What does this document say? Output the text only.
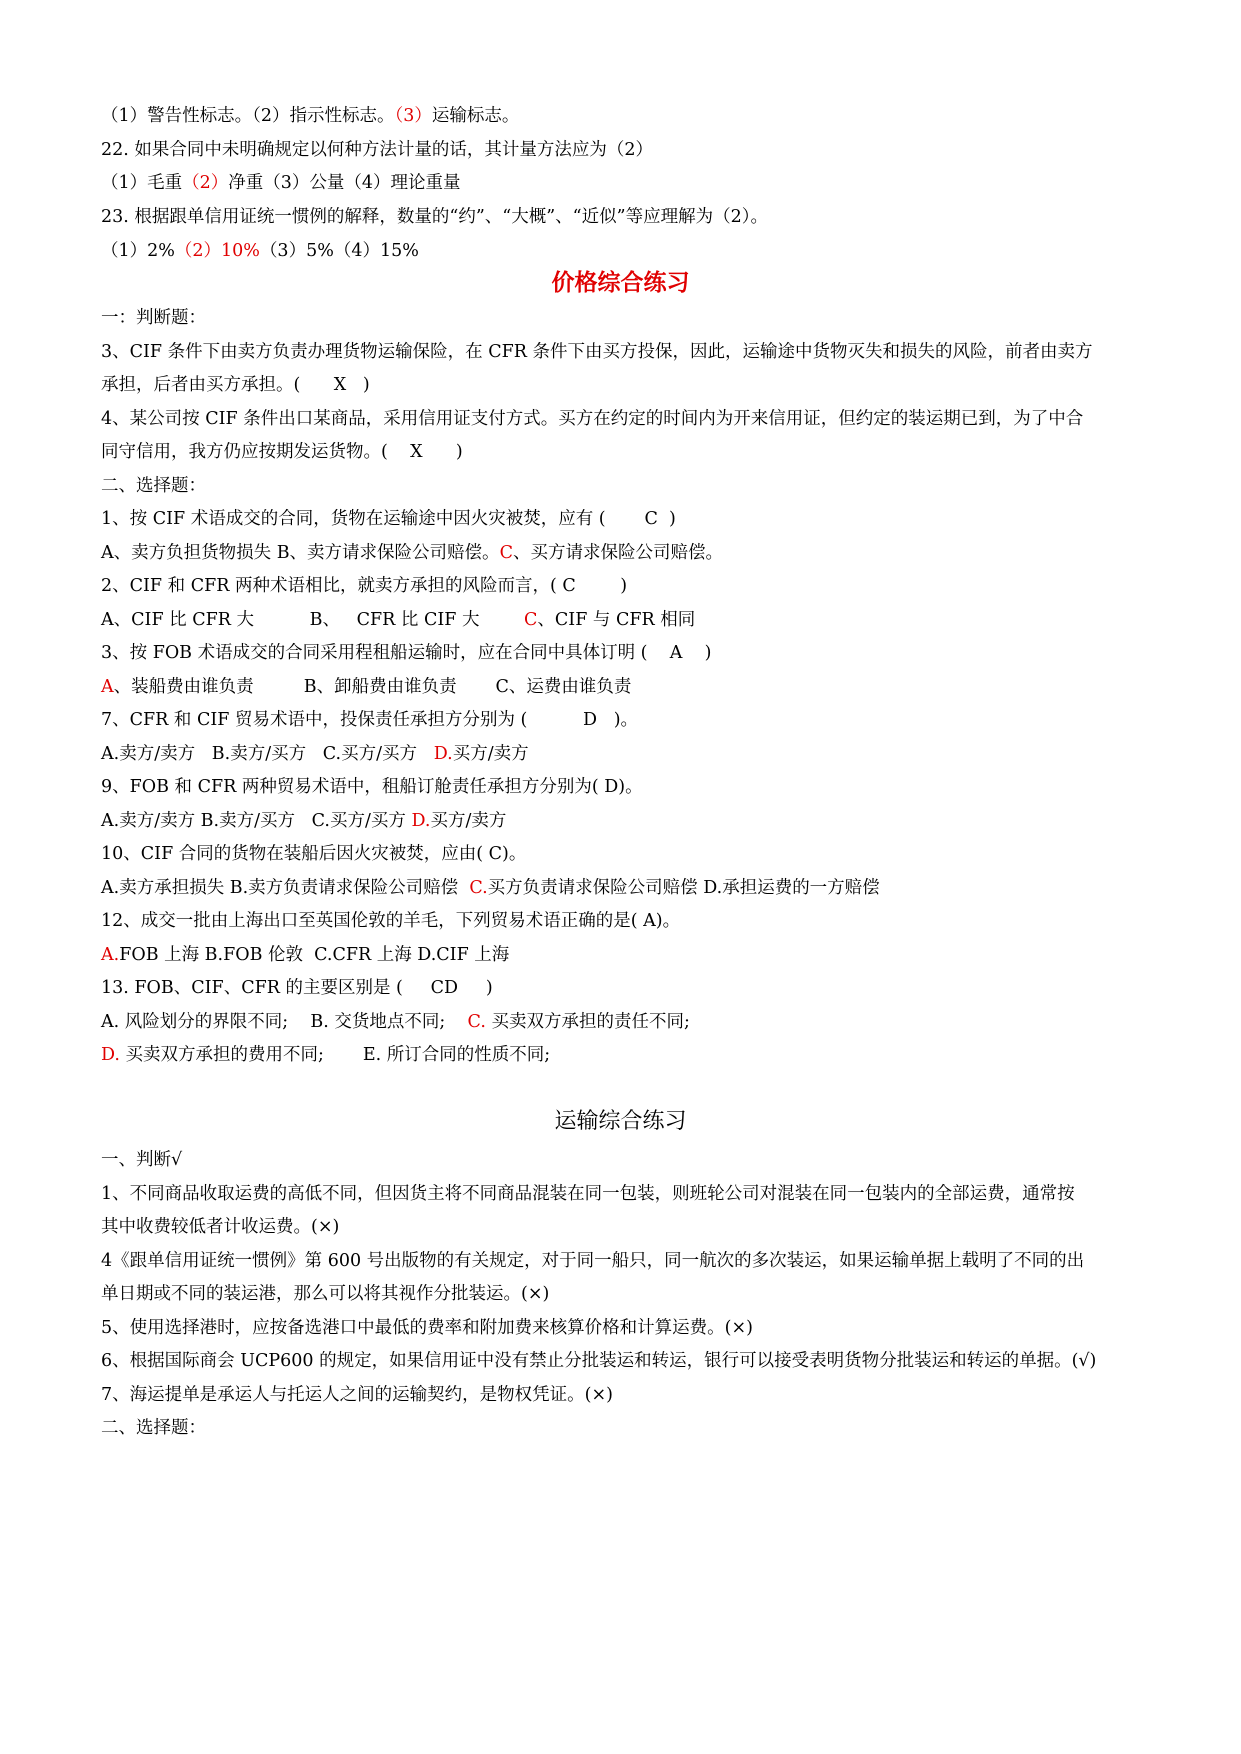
（1）警告性标志。（2）指示性标志。（3）运输标志。
22. 如果合同中未明确规定以何种方法计量的话，其计量方法应为（2）
（1）毛重（2）净重（3）公量（4）理论重量
23. 根据跟单信用证统一惯例的解释，数量的“约”、“大概”、“近似”等应理解为（2）。
（1）2%（2）10%（3）5%（4）15%
价格综合练习
一：判断题：
3、CIF 条件下由卖方负责办理货物运输保险，在 CFR 条件下由买方投保，因此，运输途中货物灭失和损失的风险，前者由卖方
承担，后者由买方承担。(      X   )
4、某公司按 CIF 条件出口某商品，采用信用证支付方式。买方在约定的时间内为开来信用证，但约定的装运期已到，为了中合
同守信用，我方仍应按期发运货物。(    X      )
二、选择题：
1、按 CIF 术语成交的合同，货物在运输途中因火灾被焚，应有 (       C  )
A、卖方负担货物损失 B、卖方请求保险公司赔偿。C、买方请求保险公司赔偿。
2、CIF 和 CFR 两种术语相比，就卖方承担的风险而言，( C        )
A、CIF 比 CFR 大          B、   CFR 比 CIF 大        C、CIF 与 CFR 相同
3、按 FOB 术语成交的合同采用程租船运输时，应在合同中具体订明 (    A    )
A、装船费由谁负责         B、卸船费由谁负责       C、运费由谁负责
7、CFR 和 CIF 贸易术语中，投保责任承担方分别为 (          D   )。
A.卖方/卖方   B.卖方/买方   C.买方/买方   D.买方/卖方
9、FOB 和 CFR 两种贸易术语中，租船订舱责任承担方分别为( D)。
A.卖方/卖方 B.卖方/买方   C.买方/买方 D.买方/卖方
10、CIF 合同的货物在装船后因火灾被焚，应由( C)。
A.卖方承担损失 B.卖方负责请求保险公司赔偿  C.买方负责请求保险公司赔偿 D.承担运费的一方赔偿
12、成交一批由上海出口至英国伦敦的羊毛，下列贸易术语正确的是( A)。
A.FOB 上海 B.FOB 伦敦  C.CFR 上海 D.CIF 上海
13. FOB、CIF、CFR 的主要区别是 (     CD     )
A. 风险划分的界限不同;    B. 交货地点不同;    C. 买卖双方承担的责任不同;
D. 买卖双方承担的费用不同;       E. 所订合同的性质不同;
运输综合练习
一、判断√
1、不同商品收取运费的高低不同，但因货主将不同商品混装在同一包装，则班轮公司对混装在同一包装内的全部运费，通常按
其中收费较低者计收运费。(×)
4《跟单信用证统一惯例》第 600 号出版物的有关规定，对于同一船只，同一航次的多次装运，如果运输单据上载明了不同的出
单日期或不同的装运港，那么可以将其视作分批装运。(×)
5、使用选择港时，应按备选港口中最低的费率和附加费来核算价格和计算运费。(×)
6、根据国际商会 UCP600 的规定，如果信用证中没有禁止分批装运和转运，银行可以接受表明货物分批装运和转运的单据。(√)
7、海运提单是承运人与托运人之间的运输契约，是物权凭证。(×)
二、选择题：
